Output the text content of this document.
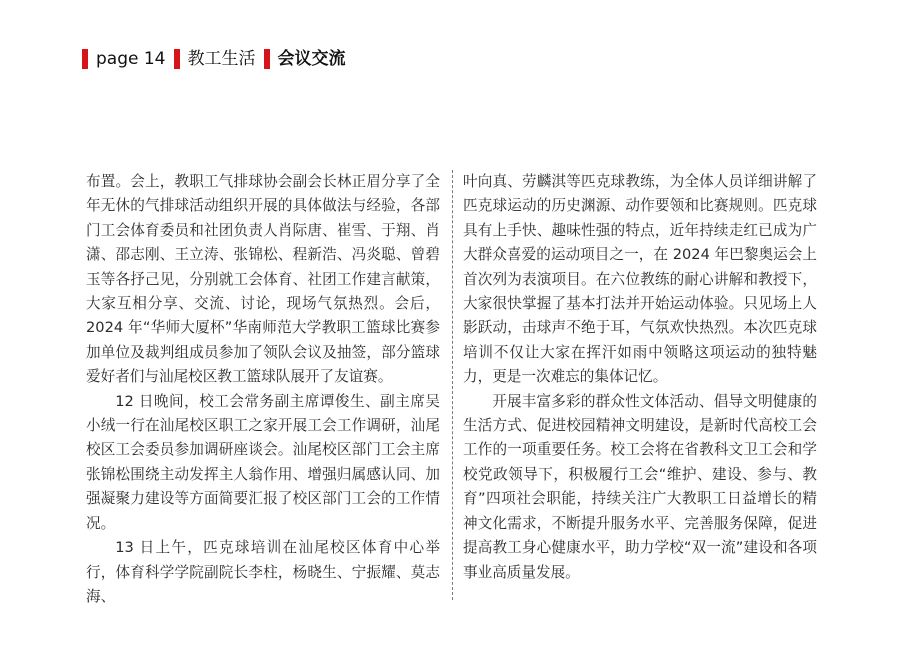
page 14 教工生活 会议交流

布置。会上，教职工气排球协会副会长林正眉分享了全年无休的气排球活动组织开展的具体做法与经验，各部门工会体育委员和社团负责人肖际唐、崔雪、于翔、肖潇、邵志刚、王立涛、张锦松、程新浩、冯炎聪、曾碧玉等各抒己见，分别就工会体育、社团工作建言献策，大家互相分享、交流、讨论，现场气氛热烈。会后，2024 年“华师大厦杯”华南师范大学教职工篮球比赛参加单位及裁判组成员参加了领队会议及抽签，部分篮球爱好者们与汕尾校区教工篮球队展开了友谊赛。

12 日晚间，校工会常务副主席谭俊生、副主席吴小绒一行在汕尾校区职工之家开展工会工作调研，汕尾校区工会委员参加调研座谈会。汕尾校区部门工会主席张锦松围绕主动发挥主人翁作用、增强归属感认同、加强凝聚力建设等方面简要汇报了校区部门工会的工作情况。

13 日上午，匹克球培训在汕尾校区体育中心举行，体育科学学院副院长李柱，杨晓生、宁振耀、莫志海、

叶向真、劳麟淇等匹克球教练，为全体人员详细讲解了匹克球运动的历史渊源、动作要领和比赛规则。匹克球具有上手快、趣味性强的特点，近年持续走红已成为广大群众喜爱的运动项目之一，在 2024 年巴黎奥运会上首次列为表演项目。在六位教练的耐心讲解和教授下，大家很快掌握了基本打法并开始运动体验。只见场上人影跃动，击球声不绝于耳，气氛欢快热烈。本次匹克球培训不仅让大家在挥汗如雨中领略这项运动的独特魅力，更是一次难忘的集体记忆。

开展丰富多彩的群众性文体活动、倡导文明健康的生活方式、促进校园精神文明建设，是新时代高校工会工作的一项重要任务。校工会将在省教科文卫工会和学校党政领导下，积极履行工会“维护、建设、参与、教育”四项社会职能，持续关注广大教职工日益增长的精神文化需求，不断提升服务水平、完善服务保障，促进提高教工身心健康水平，助力学校“双一流”建设和各项事业高质量发展。
